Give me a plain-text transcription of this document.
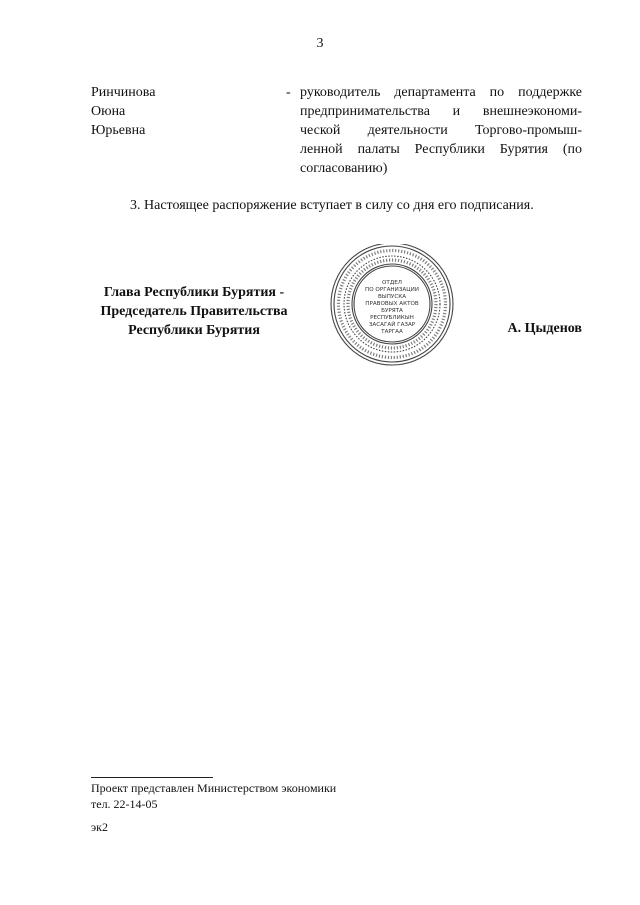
3
Ринчинова
Оюна
Юрьевна
- руководитель департамента по поддержке
предпринимательства и внешнеэкономи-
ческой деятельности Торгово-промыш-
ленной палаты Республики Бурятия (по
согласованию)
3. Настоящее распоряжение вступает в силу со дня его подписания.
Глава Республики Бурятия -
Председатель Правительства
Республики Бурятия
ОТДЕЛ
ПО ОРГАНИЗАЦИИ
ВЫПУСКА
ПРАВОВЫХ АКТОВ
БУРЯТА
РЕСПУБЛИКЫН
ЗАСАГАЙ ГАЗАР
ТАРГАА	А. Цыденов
Проект представлен Министерством экономики
тел. 22-14-05
эк2
